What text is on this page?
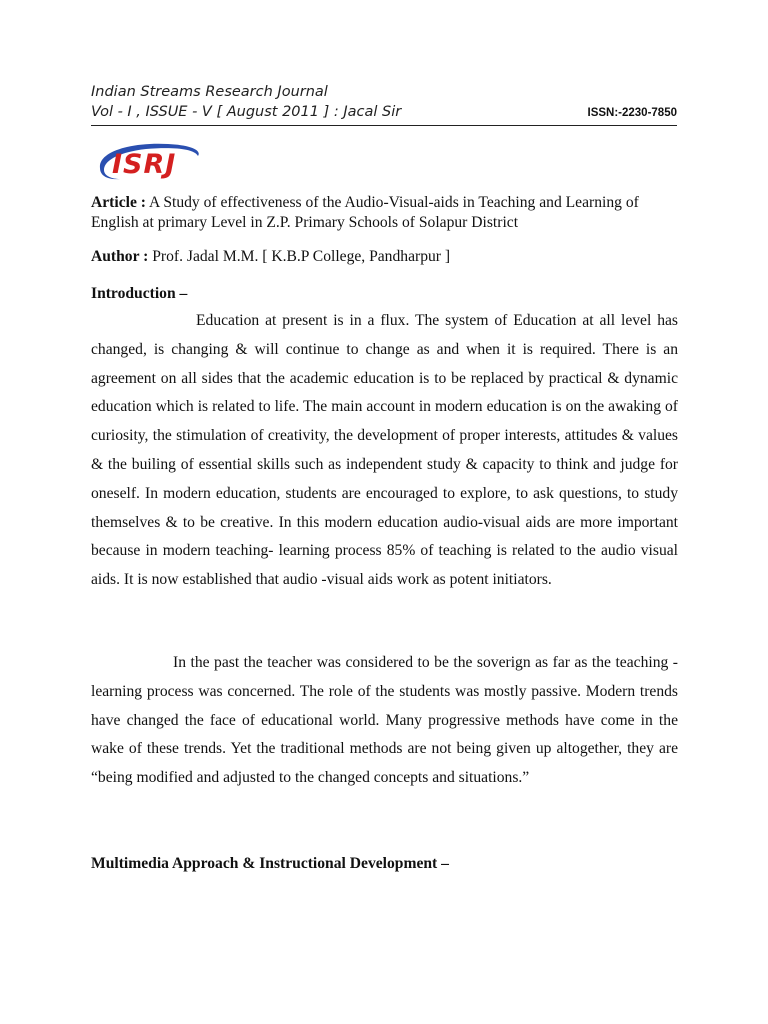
Indian Streams Research Journal
Vol - I , ISSUE - V [ August 2011 ] : Jacal Sir	ISSN:-2230-7850
ISRJ
Article : A Study of effectiveness of the Audio-Visual-aids in Teaching and Learning of English at primary Level in Z.P. Primary Schools of Solapur District
Author : Prof. Jadal M.M. [ K.B.P College, Pandharpur ]
Introduction –
Education at present is in a flux. The system of Education at all level has changed, is changing & will continue to change as and when it is required. There is an agreement on all sides that the academic education is to be replaced by practical & dynamic education which is related to life. The main account in modern education is on the awaking of curiosity, the stimulation of creativity, the development of proper interests, attitudes & values & the builing of essential skills such as independent study & capacity to think and judge for oneself. In modern education, students are encouraged to explore, to ask questions, to study themselves & to be creative. In this modern education audio-visual aids are more important because in modern teaching- learning process 85% of teaching is related to the audio visual aids. It is now established that audio -visual aids work as potent initiators.
In the past the teacher was considered to be the soverign as far as the teaching -learning process was concerned. The role of the students was mostly passive. Modern trends have changed the face of educational world. Many progressive methods have come in the wake of these trends. Yet the traditional methods are not being given up altogether, they are “being modified and adjusted to the changed concepts and situations.”
Multimedia Approach & Instructional Development –
